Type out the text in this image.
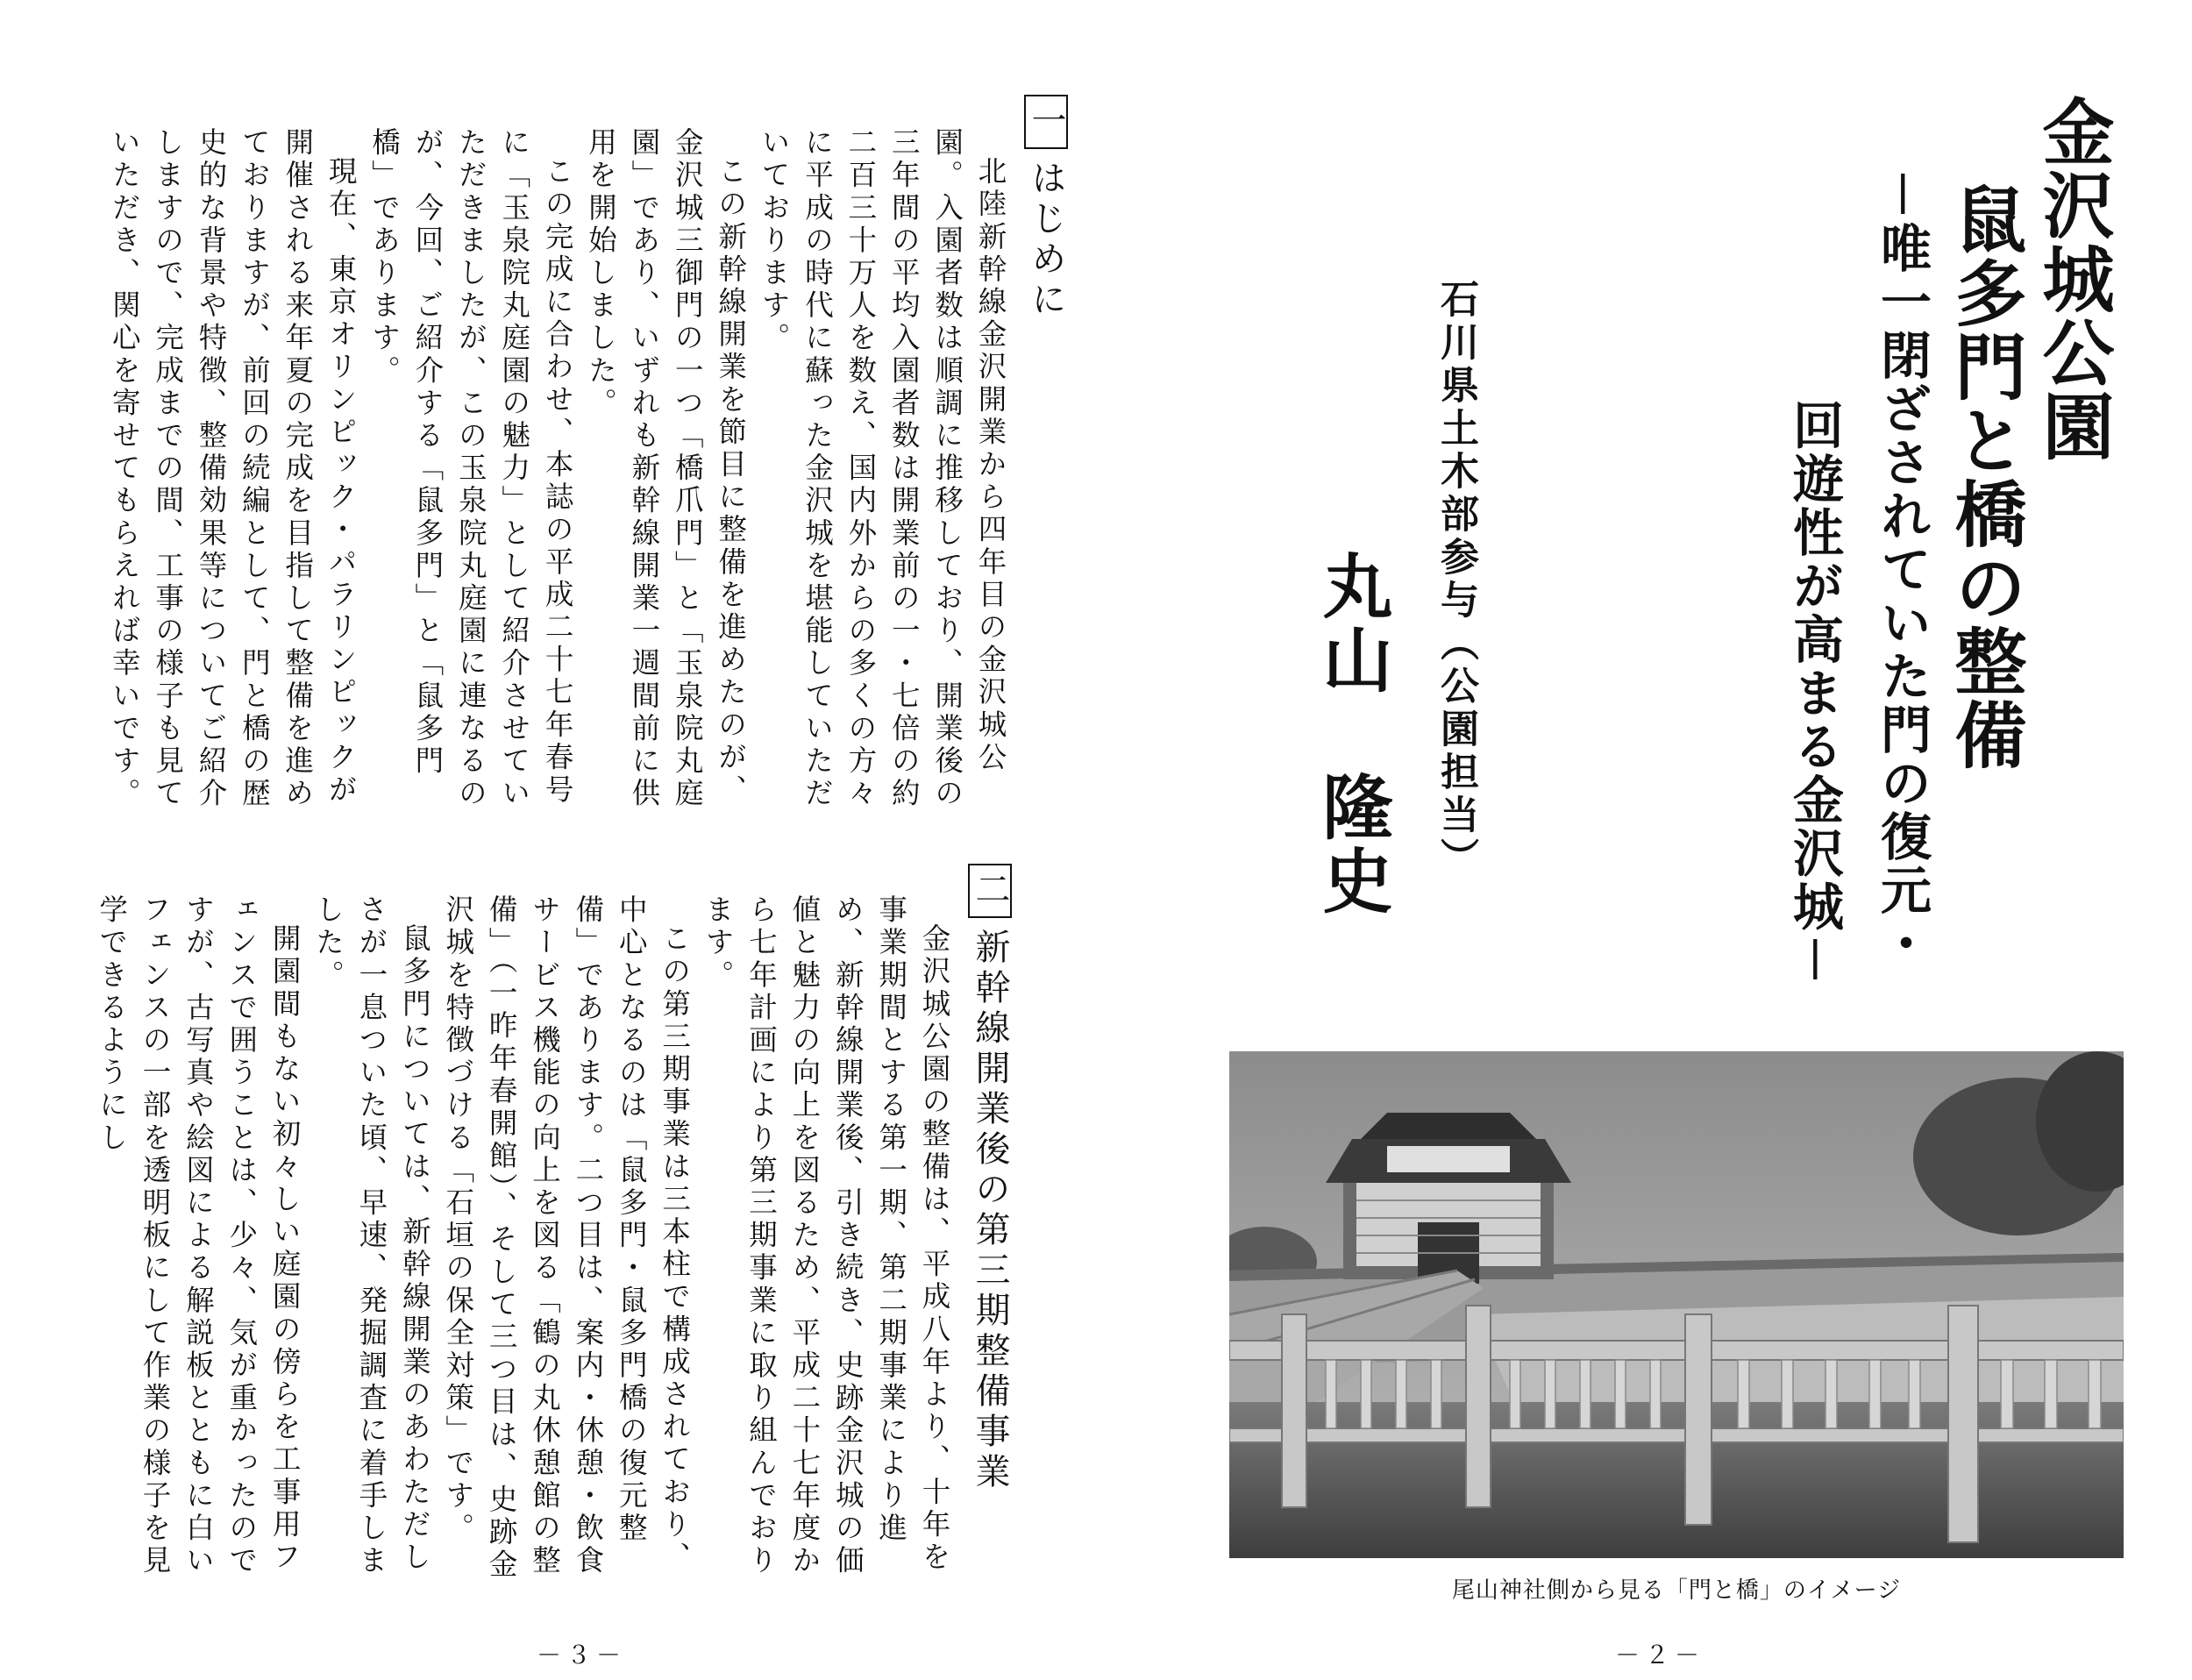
金沢城公園
鼠多門と橋の整備
－唯一閉ざされていた門の復元・
回遊性が高まる金沢城－
石川県土木部参与（公園担当）
丸山　隆史
尾山神社側から見る「門と橋」のイメージ
－２－
一はじめに
北陸新幹線金沢開業から四年目の金沢城公園。入園者数は順調に推移しており、開業後の三年間の平均入園者数は開業前の一・七倍の約二百三十万人を数え、国内外からの多くの方々に平成の時代に蘇った金沢城を堪能していただいております。
この新幹線開業を節目に整備を進めたのが、金沢城三御門の一つ「橋爪門」と「玉泉院丸庭園」であり、いずれも新幹線開業一週間前に供用を開始しました。
この完成に合わせ、本誌の平成二十七年春号に「玉泉院丸庭園の魅力」として紹介させていただきましたが、この玉泉院丸庭園に連なるのが、今回、ご紹介する「鼠多門」と「鼠多門橋」であります。
現在、東京オリンピック・パラリンピックが開催される来年夏の完成を目指して整備を進めておりますが、前回の続編として、門と橋の歴史的な背景や特徴、整備効果等についてご紹介しますので、完成までの間、工事の様子も見ていただき、関心を寄せてもらえれば幸いです。
二新幹線開業後の第三期整備事業
金沢城公園の整備は、平成八年より、十年を事業期間とする第一期、第二期事業により進め、新幹線開業後、引き続き、史跡金沢城の価値と魅力の向上を図るため、平成二十七年度から七年計画により第三期事業に取り組んでおります。
この第三期事業は三本柱で構成されており、中心となるのは「鼠多門・鼠多門橋の復元整備」であります。二つ目は、案内・休憩・飲食サービス機能の向上を図る「鶴の丸休憩館の整備」（一昨年春開館）、そして三つ目は、史跡金沢城を特徴づける「石垣の保全対策」です。
鼠多門については、新幹線開業のあわただしさが一息ついた頃、早速、発掘調査に着手しました。
開園間もない初々しい庭園の傍らを工事用フェンスで囲うことは、少々、気が重かったのですが、古写真や絵図による解説板とともに白いフェンスの一部を透明板にして作業の様子を見学できるようにし
－３－
